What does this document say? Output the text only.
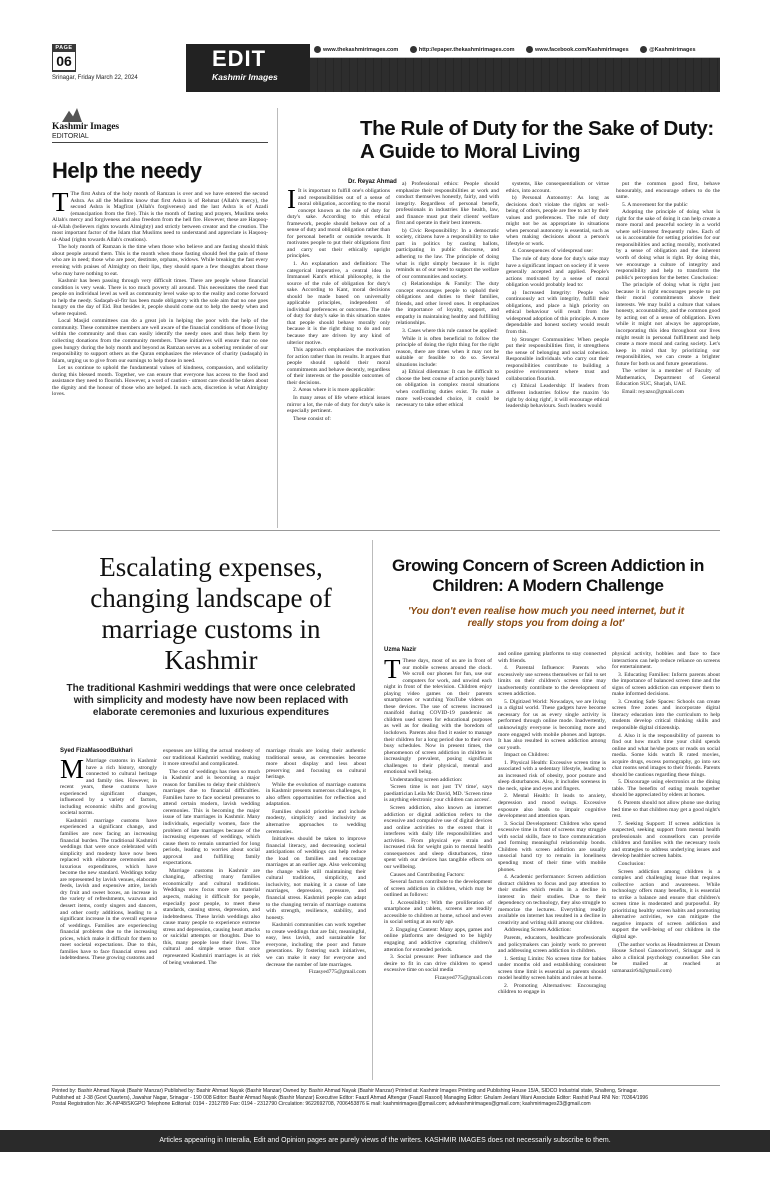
PAGE
06
Srinagar, Friday March 22, 2024
EDIT
Kashmir Images
www.thekashmirimages.com	http://epaper.thekashmirimages.com	www.facebook.com/KashmirImages	@Kashmirimages
Kashmir Images
EDITORIAL
Help the needy

T The first Ashra of the holy month of Ramzan is over and we have entered the second Ashra. As all the Muslims know that first Ashra is of Rehmat (Allah's mercy), the second Ashra is Magfirat (Allah's forgiveness) and the last Ashra is of Azadi (emancipation from the fire). This is the month of fasting and prayers, Muslims seeks Allah's mercy and forgiveness and also freedom from the hell fire. However, these are Haqooq-ul-Allah (believers rights towards Almighty) and strictly between creator and the creation. The most important factor of the Islam that Muslims need to understand and appreciate is Haqooq-ul-Abad (rights towards Allah's creations).

The holy month of Ramzan is the time when those who believe and are fasting should think about people around them. This is the month when those fasting should feel the pain of those who are in need; those who are poor, destitute, orphans, widows. While breaking the fast every evening with praises of Almighty on their lips, they should spare a few thoughts about those who may have nothing to eat.

Kashmir has been passing through very difficult times. There are people whose financial condition is very weak. There is too much poverty all around. This necessitates the need that people on individual level as well as community level wake up to the reality and come forward to help the needy. Sadaqah-al-fitr has been made obligatory with the sole aim that no one goes hungry on the day of Eid. But besides it, people should come out to help the needy when and where required.

Local Masjid committees can do a great job in helping the poor with the help of the community. These committee members are well aware of the financial conditions of those living within the community and thus can easily identify the needy ones and thus help them by collecting donations from the community members. These initiatives will ensure that no one goes hungry during the holy month and beyond as Ramzan serves as a sobering reminder of our responsibility to support others as the Quran emphasizes the relevance of charity (sadaqah) in Islam, urging us to give from our earnings to help those in need.

Let us continue to uphold the fundamental values of kindness, compassion, and solidarity during this blessed month. Together, we can ensure that everyone has access to the food and assistance they need to flourish. However, a word of caution - utmost care should be taken about the dignity and the honour of those who are helped. In such acts, discretion is what Almighty loves.

The Rule of Duty for the Sake of Duty: A Guide to Moral Living
Dr. Reyaz Ahmad

I It is important to fulfill one's obligations and responsibilities out of a sense of moral obligation, according to the moral concept known as the rule of duty for duty's sake. According to this ethical framework, people should behave out of a sense of duty and moral obligation rather than for personal benefit or outside rewards. It motivates people to put their obligations first and carry out their ethically upright principles.

1. An explanation and definition: The categorical imperative, a central idea in Immanuel Kant's ethical philosophy, is the source of the rule of obligation for duty's sake. According to Kant, moral decisions should be made based on universally applicable principles, independent of individual preferences or outcomes. The rule of duty for duty's sake in this situation states that people should behave morally only because it is the right thing to do and not because they are driven by any kind of ulterior motive.

This approach emphasizes the motivation for action rather than its results. It argues that people should uphold their moral commitments and behave decently, regardless of their interests or the possible outcomes of their decisions.

2. Areas where it is more applicable:

In many areas of life where ethical issues mirror a lot, the rule of duty for duty's sake is especially pertinent.

These consist of:

a) Professional ethics: People should emphasize their responsibilities at work and conduct themselves honestly, fairly, and with integrity. Regardless of personal benefit, professionals in industries like health, law, and finance must put their clients' welfare first and operate in their best interests.

b) Civic Responsibility: In a democratic society, citizens have a responsibility to take part in politics by casting ballots, participating in public discourse, and adhering to the law. The principle of doing what is right simply because it is right reminds us of our need to support the welfare of our communities and society.

c) Relationships & Family: The duty concept encourages people to uphold their obligations and duties to their families, friends, and other loved ones. It emphasizes the importance of loyalty, support, and empathy in maintaining healthy and fulfilling relationships.

3. Cases where this rule cannot be applied:

While it is often beneficial to follow the principle of doing the right thing for the right reason, there are times when it may not be suitable or feasible to do so. Several situations include:

a) Ethical dilemmas: It can be difficult to choose the best course of action purely based on obligation in complex moral situations when conflicting duties exist. To make a more well-rounded choice, it could be necessary to take other ethical

systems, like consequentialism or virtue ethics, into account.

b) Personal Autonomy: As long as decisions don't violate the rights or well-being of others, people are free to act by their values and preferences. The rule of duty might not be as appropriate in situations when personal autonomy is essential, such as when making decisions about a person's lifestyle or work.

4. Consequences of widespread use:

The rule of duty done for duty's sake may have a significant impact on society if it were generally accepted and applied. People's actions motivated by a sense of moral obligation would probably lead to:

a) Increased Integrity: People who continuously act with integrity, fulfill their obligations, and place a high priority on ethical behaviour will result from the widespread adoption of this principle. A more dependable and honest society would result from this.

b) Stronger Communities: When people put their responsibilities first, it strengthens the sense of belonging and social cohesion. Responsible individuals who carry out their responsibilities contribute to building a positive environment where trust and collaboration flourish.

c) Ethical Leadership: If leaders from different industries follow the maxim 'do right by doing right', it will encourage ethical leadership behaviours. Such leaders would

put the common good first, behave honourably, and encourage others to do the same.

5. A movement for the public

Adopting the principle of doing what is right for the sake of doing it can help create a more moral and peaceful society in a world where self-interest frequently rules. Each of us is accountable for setting priorities for our responsibilities and acting morally, motivated by a sense of obligation and the inherent worth of doing what is right. By doing this, we encourage a culture of integrity and responsibility and help to transform the public's perception for the better. Conclusion:

The principle of doing what is right just because it is right encourages people to put their moral commitments above their interests. We may build a culture that values honesty, accountability, and the common good by acting out of a sense of obligation. Even while it might not always be appropriate, incorporating this idea throughout our lives might result in personal fulfillment and help create a more moral and caring society. Let's keep in mind that by prioritizing our responsibilities, we can create a brighter future for both us and future generations.

The writer is a member of Faculty of Mathematics, Department of General Education SUC, Sharjah, UAE.

Email: reyazsc@gmail.com

Escalating expenses, changing landscape of marriage customs in Kashmir
The traditional Kashmiri weddings that were once celebrated with simplicity and modesty have now been replaced with elaborate ceremonies and luxurious expenditures
Syed FizaMasoodBukhari

M Marriage customs in Kashmir have a rich history, strongly connected to cultural heritage and family ties. However, in recent years, these customs have experienced significant changes, influenced by a variety of factors, including economic shifts and growing societal norms.

Kashmiri marriage customs have experienced a significant change, and families are now facing an increasing financial burden. The traditional Kashmiri weddings that were once celebrated with simplicity and modesty have now been replaced with elaborate ceremonies and luxurious expenditures, which have become the new standard. Weddings today are represented by lavish venues, elaborate feeds, lavish and expensive attire, lavish dry fruit and sweet boxes, an increase in the variety of refreshments, wazwan and dessert items, costly singers and dancers, and other costly additions, leading to a significant increase in the overall expense of weddings. Families are experiencing financial problems due to the increasing prices, which make it difficult for them to meet societal expectations. Due to this, families have to face financial stress and indebtedness. These growing customs and

expenses are killing the actual modesty of our traditional Kashmiri wedding, making it more stressful and complicated.

The cost of weddings has risen so much in Kashmir and is becoming a major reason for families to delay their children's marriages due to financial difficulties. Families have to face societal pressures to attend certain modern, lavish wedding ceremonies. This is becoming the major issue of late marriages in Kashmir. Many individuals, especially women, face the problem of late marriages because of the increasing expenses of weddings, which cause them to remain unmarried for long periods, leading to worries about social approval and fulfilling family expectations.

Marriage customs in Kashmir are changing, affecting many families economically and cultural traditions. Weddings now focus more on material aspects, making it difficult for people, especially poor people, to meet these standards, causing stress, depression, and indebtedness. These lavish weddings also cause many people to experience extreme stress and depression, causing heart attacks or suicidal attempts or thoughts. Due to this, many people lose their lives. The cultural and simple sense that once represented Kashmiri marriages is at risk of being weakened. The

marriage rituals are losing their authentic traditional sense, as ceremonies become more about display and less about preserving and focusing on cultural heritage.

While the evolution of marriage customs in Kashmir presents numerous challenges, it also offers opportunities for reflection and adaptation.

Families should prioritise and include modesty, simplicity and inclusivity as alternative approaches to wedding ceremonies.

Initiatives should be taken to improve financial literacy, and decreasing societal anticipations of weddings can help reduce the load on families and encourage marriages at an earlier age. Also welcoming the change while still maintaining their cultural traditions, simplicity, and inclusivity, not making it a cause of late marriages, depression, pressure, and financial stress. Kashmiri people can adapt to the changing terrain of marriage customs with strength, resilience, stability, and honesty.

Kashmiri communities can work together to create weddings that are fair, meaningful, easy, less lavish, and sustainable for everyone, including the poor and future generations. By fostering such initiatives, we can make it easy for everyone and decrease the number of late marriages.

Fizasyed775@gmail.com

Growing Concern of Screen Addiction in Children: A Modern Challenge
'You don't even realise how much you need internet, but it really stops you from doing a lot'
Uzma Nazir

T These days, most of us are in front of our mobile screens around the clock. We scroll our phones for fun, use our computers for work, and unwind each night in front of the television. Children enjoy playing video games on their parents smartphones or watching YouTube videos on these devices. The use of screens increased manifold during COVID-19 pandemic as children used screen for educational purposes as well as for dealing with the boredom of lockdown. Parents also find it easier to manage their children for a long period due to their own busy schedules. Now in present times, the phenomenon of screen addiction in children is increasingly prevalent, posing significant challenges to their physical, mental and emotional well being.

Understanding screen addiction:

'Screen time is not just TV time', says paediatrician Leila Mc David, MD. 'Screen time is anything electronic your children can access'.

Screen addiction, also known as internet addiction or digital addiction refers to the excessive and compulsive use of digital devices and online activities to the extent that it interferes with daily life responsibilities and activities. From physical eye strain and increased risk for weight gain to mental health consequences and sleep disturbances, time spent with our devices has tangible effects on our wellbeing.

Causes and Contributing Factors:

Several factors contribute to the development of screen addiction in children, which may be outlined as follows:

1. Accessibility: With the proliferation of smartphone and tablets, screens are readily accessible to children at home, school and even in social setting at an early age.

2. Engaging Content: Many apps, games and online platforms are designed to be highly engaging and addictive capturing children's attention for extended periods.

3. Social pressure: Peer influence and the desire to fit in can drive children to spend excessive time on social media

Fizasyed775@gmail.com

and online gaming platforms to stay connected with friends.

4. Parental Influence: Parents who excessively use screens themselves or fail to set limits on their children's screen time may inadvertently contribute to the development of screen addiction.

5. Digitized World: Nowadays, we are living in a digital world. These gadgets have become necessary for us as every single activity is performed through online mode. Inadvertently, unknowingly everyone is becoming more and more engaged with mobile phones and laptops. It has also resulted in screen addiction among our youth.

Impact on Children:

1. Physical Health: Excessive screen time is associated with a sedentary lifestyle, leading to an increased risk of obesity, poor posture and sleep disturbances. Also, it includes soreness in the neck, spine and eyes and fingers.

2. Mental Health: It leads to anxiety, depression and mood swings. Excessive exposure also leads to impair cognitive development and attention span.

3. Social Development: Children who spend excessive time in front of screens may struggle with social skills, face to face communication and forming meaningful relationship bonds. Children with screen addiction are usually unsocial hand try to remain in loneliness spending most of their time with mobile phones.

4. Academic performance: Screen addiction distract children to focus and pay attention to their studies which results in a decline in interest in their studies. Due to their dependency on technology, they also struggle to memorize the lectures. Everything readily available on internet has resulted in a decline in creativity and writing skill among our children.

Addressing Screen Addiction:

Parents, educators, healthcare professionals and policymakers can jointly work to prevent and addressing screen addiction in children.

1. Setting Limits: No screen time for babies under months old and establishing consistent screen time limit is essential as parents should model healthy screen habits and rules at home.

2. Promoting Alternatives: Encouraging children to engage in

physical activity, hobbies and face to face interactions can help reduce reliance on screens for entertainment.

3. Educating Families: Inform parents about the importance of balanced screen time and the signs of screen addiction can empower them to make informed decisions.

3. Creating Safe Spaces: Schools can create screen free zones and incorporate digital literacy education into the curriculum to help students develop critical thinking skills and responsible digital citizenship.

4. Also it is the responsibility of parents to find out how much time your child spends online and what he/she posts or reads on social media. Some kids watch R rated movies, acquire drugs, excess pornography, go into sex chat rooms send images to their friends. Parents should be cautious regarding these things.

5. Discourage using electronics at the dining table. The benefits of eating meals together should be appreciated by elders at homes.

6. Parents should not allow phone use during bed time so that children may get a good night's rest.

7. Seeking Support: If screen addiction is suspected, seeking support from mental health professionals and counsellors can provide children and families with the necessary tools and strategies to address underlying issues and develop healthier screen habits.

Conclusion:

Screen addiction among children is a complex and challenging issue that requires collective action and awareness. While technology offers many benefits, it is essential to strike a balance and ensure that children's screen time is moderated and purposeful. By prioritizing healthy screen habits and promoting alternative activities, we can mitigate the negative impacts of screen addiction and support the well-being of our children in the digital age.

(The author works as Headmistress at Dream House School Ganoorirowri, Srinagar and is also a clinical psychology counsellor. She can be mailed at reached at uzmanazir64@gmail.com)

Printed by: Bashir Ahmad Nayak (Bashir Manzar) Published by: Bashir Ahmad Nayak (Bashir Manzar) Owned by: Bashir Ahmad Nayak (Bashir Manzar) Printed at: Kashmir Images Printing and Publishing House 15/A, SIDCO Industrial state, Shalteng, Srinagar.
Published at: J-38 (Govt Quarters), Jawahar Nagar, Srinagar - 190 008 Editor: Bashir Ahmad Nayak (Bashir Manzar) Executive Editor: Faazil Ahmad Aftengar (Faazil Rasool) Managing Editor: Ghulam Jeelani Wani Associate Editor: Rashid Paul RNI No: 70364/1996
Postal Registration No: JK-NP48/SKGPO Telephone Editorial: 0194 - 2312789 Fax: 0194 - 2312790 Circulation: 9622692708, 7006453876 E mail: kashmirimages@gmail.com; advkashmirimages@gmail.com; kashmirimages23@gmail.com
Articles appearing in Interalia, Edit and Opinion pages are purely views of the writers. KASHMIR IMAGES does not necessarily subscribe to them.
